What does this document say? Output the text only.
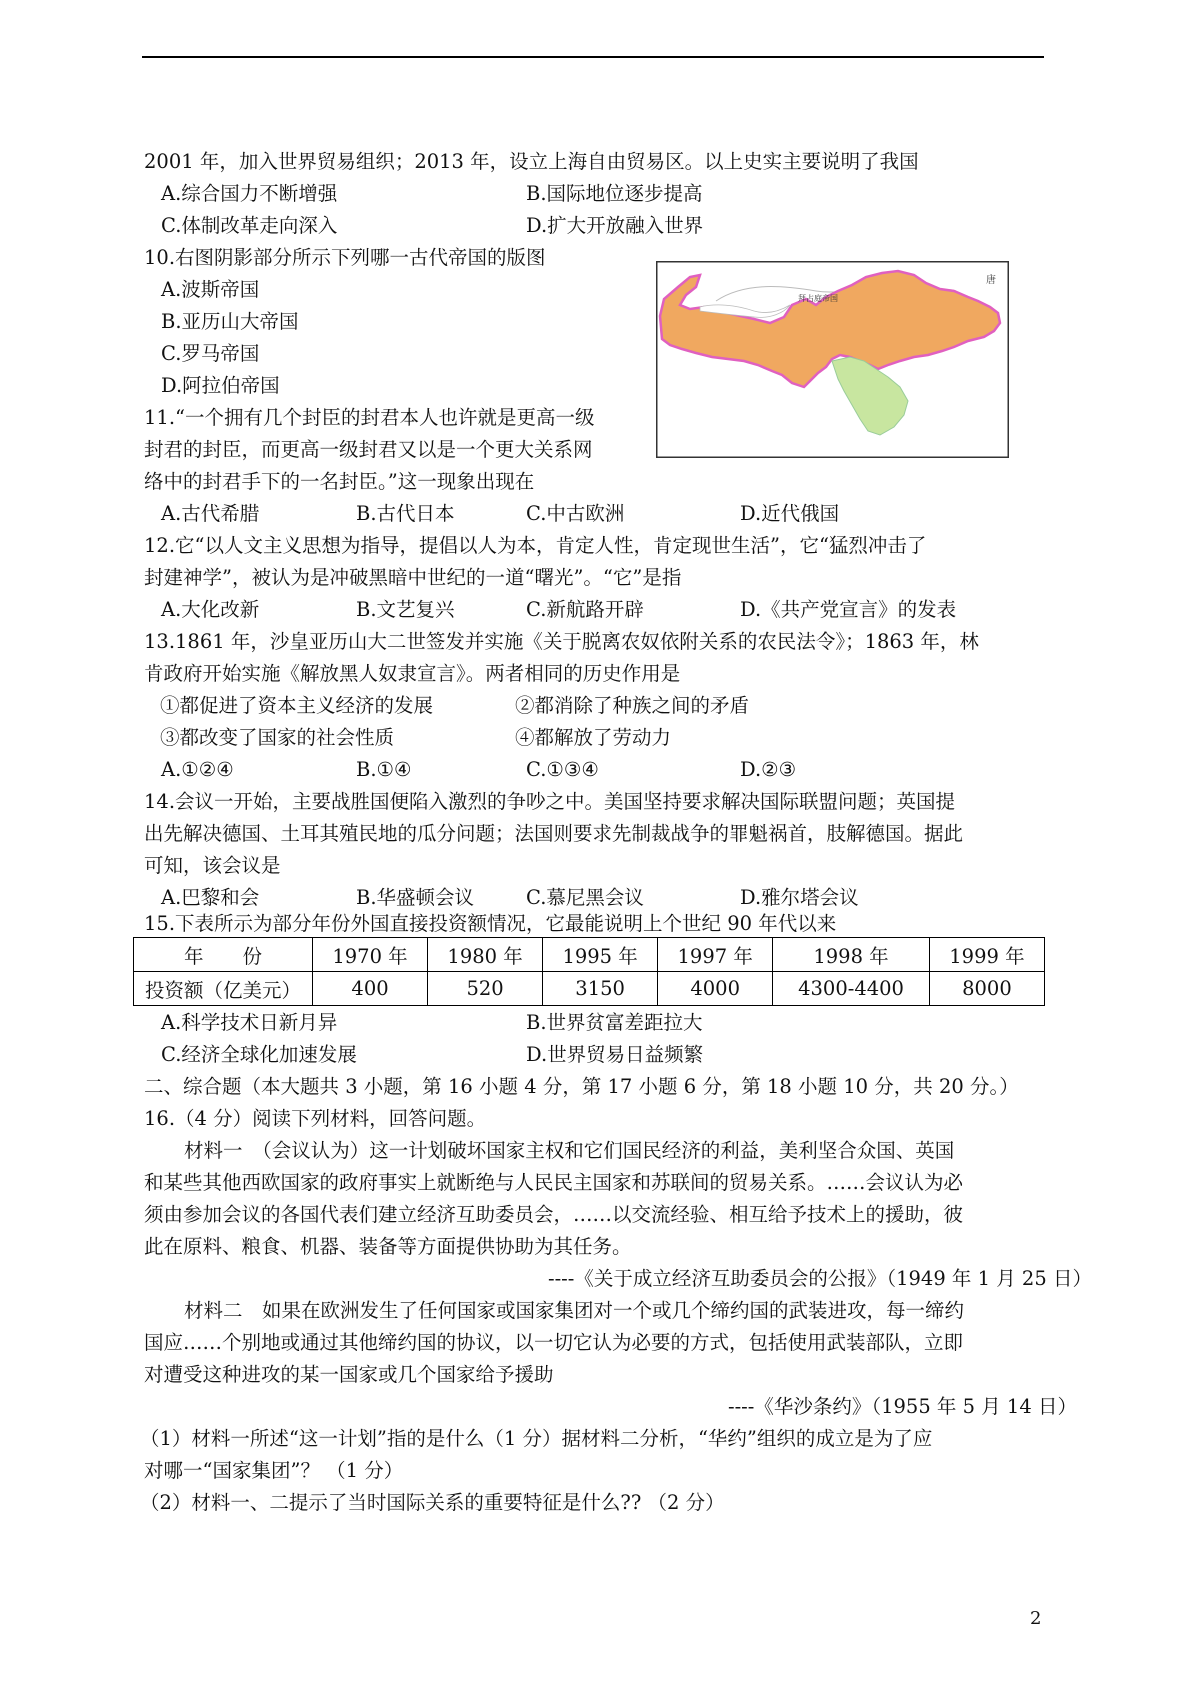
2001 年，加入世界贸易组织；2013 年，设立上海自由贸易区。以上史实主要说明了我国
A.综合国力不断增强	B.国际地位逐步提高
C.体制改革走向深入	D.扩大开放融入世界
10.右图阴影部分所示下列哪一古代帝国的版图
A.波斯帝国
B.亚历山大帝国
C.罗马帝国
D.阿拉伯帝国
拜占庭帝国
唐
11.“一个拥有几个封臣的封君本人也许就是更高一级
封君的封臣，而更高一级封君又以是一个更大关系网
络中的封君手下的一名封臣。”这一现象出现在
A.古代希腊	B.古代日本	C.中古欧洲	D.近代俄国
12.它“以人文主义思想为指导，提倡以人为本，肯定人性，肯定现世生活”，它“猛烈冲击了
封建神学”，被认为是冲破黑暗中世纪的一道“曙光”。“它”是指
A.大化改新	B.文艺复兴	C.新航路开辟	D.《共产党宣言》的发表
13.1861 年，沙皇亚历山大二世签发并实施《关于脱离农奴依附关系的农民法令》；1863 年，林
肯政府开始实施《解放黑人奴隶宣言》。两者相同的历史作用是
①都促进了资本主义经济的发展	②都消除了种族之间的矛盾
③都改变了国家的社会性质	④都解放了劳动力
A.①②④	B.①④	C.①③④	D.②③
14.会议一开始，主要战胜国便陷入激烈的争吵之中。美国坚持要求解决国际联盟问题；英国提
出先解决德国、土耳其殖民地的瓜分问题；法国则要求先制裁战争的罪魁祸首，肢解德国。据此
可知，该会议是
A.巴黎和会	B.华盛顿会议	C.慕尼黑会议	D.雅尔塔会议
15.下表所示为部分年份外国直接投资额情况，它最能说明上个世纪 90 年代以来
年　　份	1970 年	1980 年	1995 年	1997 年	1998 年	1999 年
投资额（亿美元）	400	520	3150	4000	4300-4400	8000
A.科学技术日新月异	B.世界贫富差距拉大
C.经济全球化加速发展	D.世界贸易日益频繁
二、综合题（本大题共 3 小题，第 16 小题 4 分，第 17 小题 6 分，第 18 小题 10 分，共 20 分。）
16.（4 分）阅读下列材料，回答问题。
材料一　（会议认为）这一计划破坏国家主权和它们国民经济的利益，美利坚合众国、英国
和某些其他西欧国家的政府事实上就断绝与人民民主国家和苏联间的贸易关系。……会议认为必
须由参加会议的各国代表们建立经济互助委员会，……以交流经验、相互给予技术上的援助，彼
此在原料、粮食、机器、装备等方面提供协助为其任务。
----《关于成立经济互助委员会的公报》（1949 年 1 月 25 日）
材料二　如果在欧洲发生了任何国家或国家集团对一个或几个缔约国的武装进攻，每一缔约
国应……个别地或通过其他缔约国的协议，以一切它认为必要的方式，包括使用武装部队，立即
对遭受这种进攻的某一国家或几个国家给予援助
----《华沙条约》（1955 年 5 月 14 日）
（1）材料一所述“这一计划”指的是什么（1 分）据材料二分析，“华约”组织的成立是为了应
对哪一“国家集团”？ （1 分）
（2）材料一、二提示了当时国际关系的重要特征是什么?? （2 分）
2
